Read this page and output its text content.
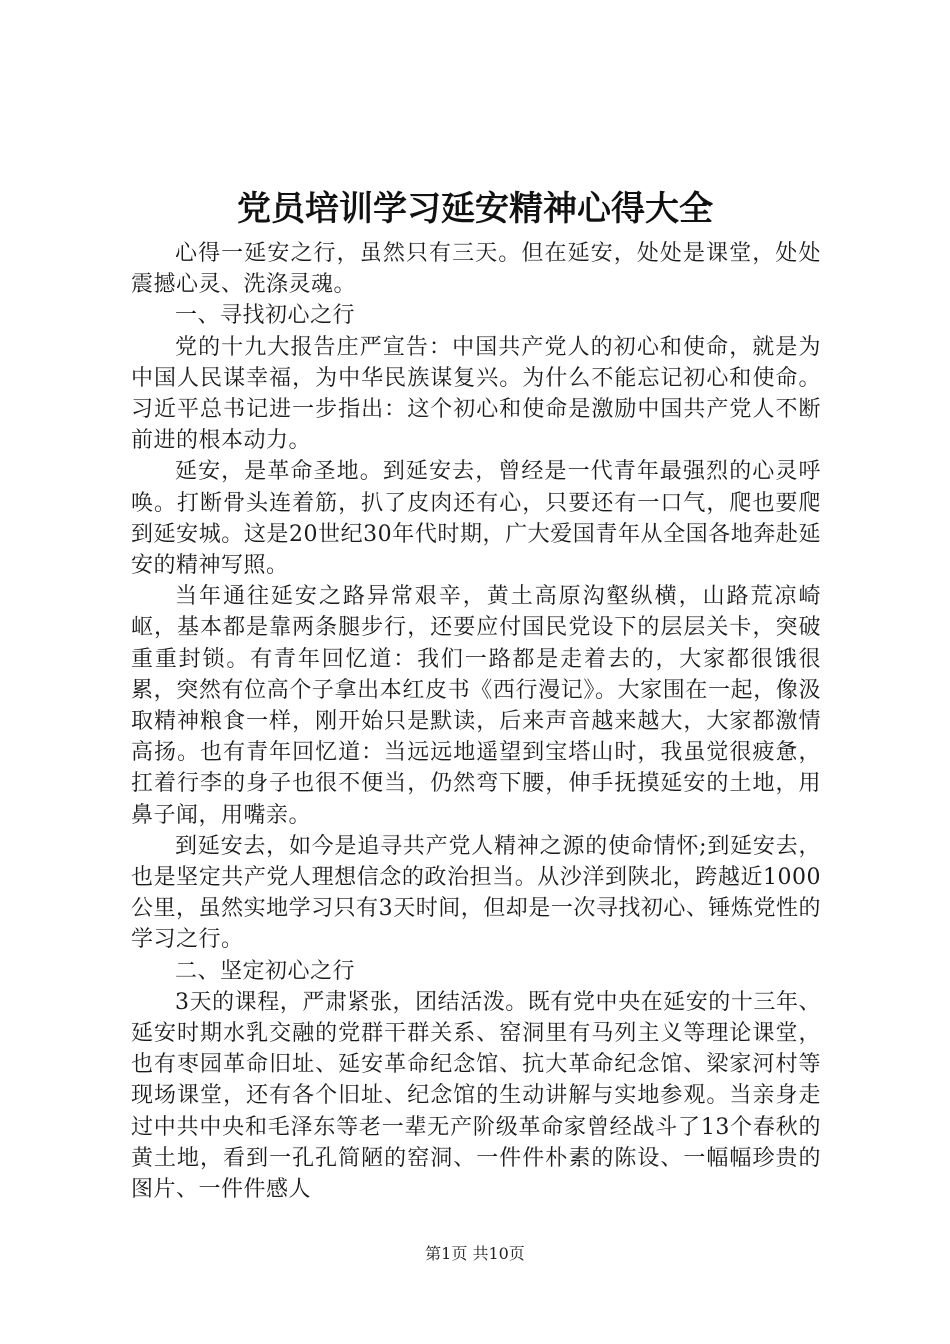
党员培训学习延安精神心得大全

心得一延安之行，虽然只有三天。但在延安，处处是课堂，处处震撼心灵、洗涤灵魂。

一、寻找初心之行

党的十九大报告庄严宣告：中国共产党人的初心和使命，就是为中国人民谋幸福，为中华民族谋复兴。为什么不能忘记初心和使命。习近平总书记进一步指出：这个初心和使命是激励中国共产党人不断前进的根本动力。

延安，是革命圣地。到延安去，曾经是一代青年最强烈的心灵呼唤。打断骨头连着筋，扒了皮肉还有心，只要还有一口气，爬也要爬到延安城。这是20世纪30年代时期，广大爱国青年从全国各地奔赴延安的精神写照。

当年通往延安之路异常艰辛，黄土高原沟壑纵横，山路荒凉崎岖，基本都是靠两条腿步行，还要应付国民党设下的层层关卡，突破重重封锁。有青年回忆道：我们一路都是走着去的，大家都很饿很累，突然有位高个子拿出本红皮书《西行漫记》。大家围在一起，像汲取精神粮食一样，刚开始只是默读，后来声音越来越大，大家都激情高扬。也有青年回忆道：当远远地遥望到宝塔山时，我虽觉很疲惫，扛着行李的身子也很不便当，仍然弯下腰，伸手抚摸延安的土地，用鼻子闻，用嘴亲。

到延安去，如今是追寻共产党人精神之源的使命情怀;到延安去，也是坚定共产党人理想信念的政治担当。从沙洋到陕北，跨越近1000公里，虽然实地学习只有3天时间，但却是一次寻找初心、锤炼党性的学习之行。

二、坚定初心之行

3天的课程，严肃紧张，团结活泼。既有党中央在延安的十三年、延安时期水乳交融的党群干群关系、窑洞里有马列主义等理论课堂，也有枣园革命旧址、延安革命纪念馆、抗大革命纪念馆、梁家河村等现场课堂，还有各个旧址、纪念馆的生动讲解与实地参观。当亲身走过中共中央和毛泽东等老一辈无产阶级革命家曾经战斗了13个春秋的黄土地，看到一孔孔简陋的窑洞、一件件朴素的陈设、一幅幅珍贵的图片、一件件感人

第1页 共10页
